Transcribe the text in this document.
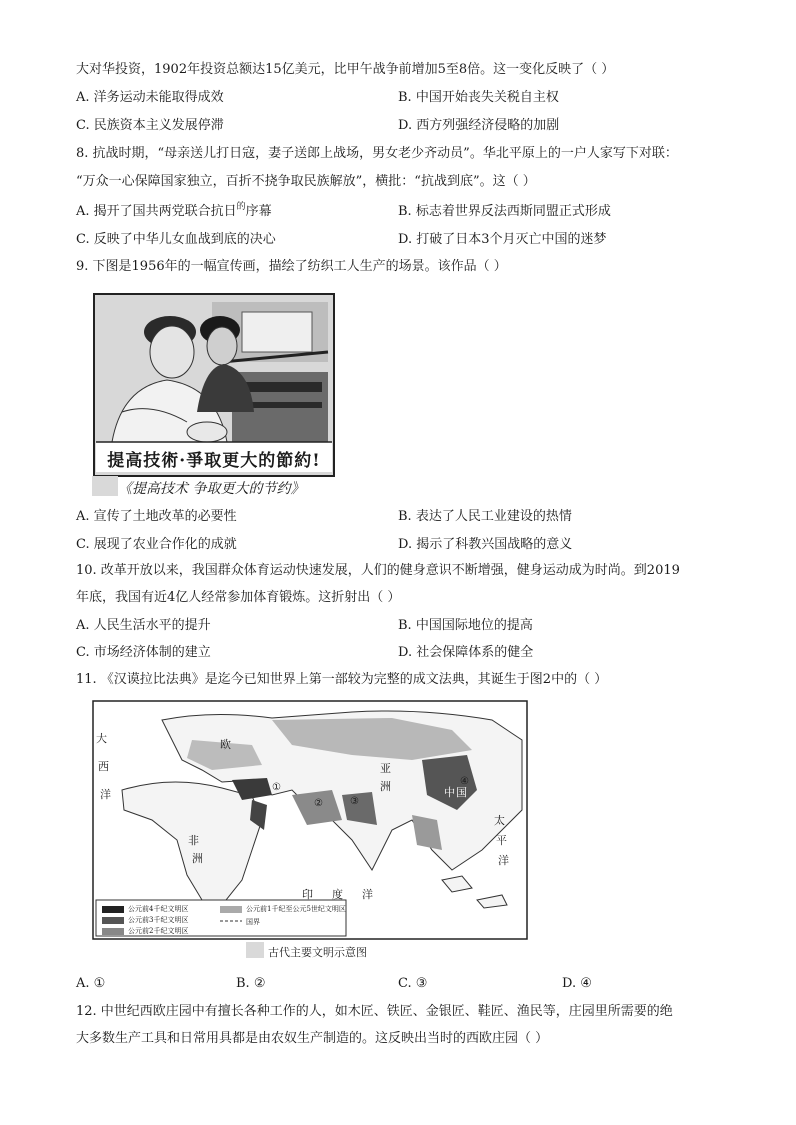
大对华投资，1902年投资总额达15亿美元，比甲午战争前增加5至8倍。这一变化反映了（ ）
A. 洋务运动未能取得成效	B. 中国开始丧失关税自主权
C. 民族资本主义发展停滞	D. 西方列强经济侵略的加剧
8. 抗战时期，“母亲送儿打日寇，妻子送郎上战场，男女老少齐动员”。华北平原上的一户人家写下对联：
“万众一心保障国家独立，百折不挠争取民族解放”，横批：“抗战到底”。这（ ）
A. 揭开了国共两党联合抗日$^的$序幕	B. 标志着世界反法西斯同盟正式形成
C. 反映了中华儿女血战到底的决心	D. 打破了日本3个月灭亡中国的迷梦
9. 下图是1956年的一幅宣传画，描绘了纺织工人生产的场景。该作品（ ）
提高技術·爭取更大的節約!
《提高技术 争取更大的节约》
A. 宣传了土地改革的必要性	B. 表达了人民工业建设的热情
C. 展现了农业合作化的成就	D. 揭示了科教兴国战略的意义
10. 改革开放以来，我国群众体育运动快速发展，人们的健身意识不断增强，健身运动成为时尚。到2019
年底，我国有近4亿人经常参加体育锻炼。这折射出（ ）
A. 人民生活水平的提升	B. 中国国际地位的提高
C. 市场经济体制的建立	D. 社会保障体系的健全
11. 《汉谟拉比法典》是迄今已知世界上第一部较为完整的成文法典，其诞生于图2中的（ ）
大
西
洋
非
洲
印 度 洋
欧
亚
洲
太
平
洋
中 国
①
②	③
④
公元前4千纪文明区
公元前3千纪文明区
公元前2千纪文明区
公元前1千纪至公元5世纪文明区
国界
古代主要文明示意图
A. ①	B. ②	C. ③	D. ④
12. 中世纪西欧庄园中有擅长各种工作的人，如木匠、铁匠、金银匠、鞋匠、渔民等，庄园里所需要的绝
大多数生产工具和日常用具都是由农奴生产制造的。这反映出当时的西欧庄园（ ）
